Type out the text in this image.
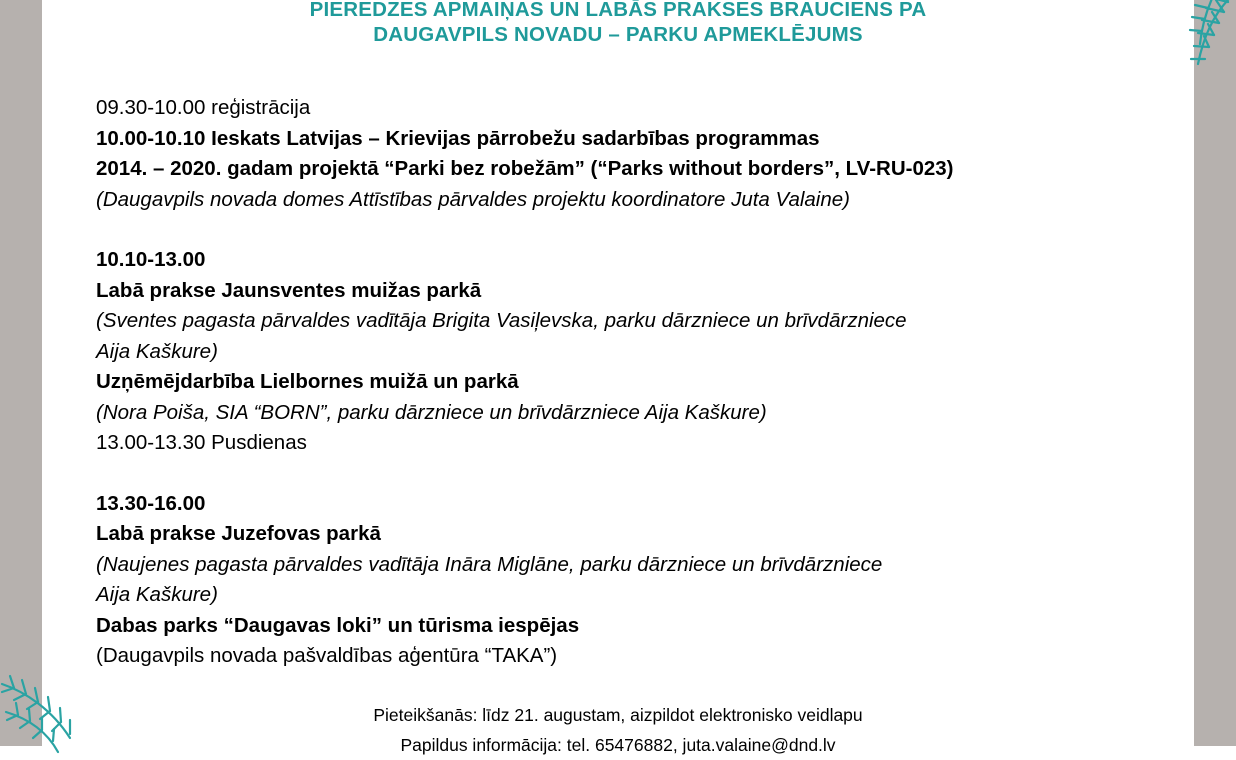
PIEREDZES APMAIŅAS UN LABĀS PRAKSES BRAUCIENS PA
DAUGAVPILS NOVADU – PARKU APMEKLĒJUMS
09.30-10.00 reģistrācija
10.00-10.10 Ieskats Latvijas – Krievijas pārrobežu sadarbības programmas
2014. – 2020. gadam projektā “Parki bez robežām” (“Parks without borders”, LV-RU-023)
(Daugavpils novada domes Attīstības pārvaldes projektu koordinatore Juta Valaine)
10.10-13.00
Labā prakse Jaunsventes muižas parkā
(Sventes pagasta pārvaldes vadītāja Brigita Vasiļevska, parku dārzniece un brīvdārzniece
Aija Kaškure)
Uzņēmējdarbība Lielbornes muižā un parkā
(Nora Poiša, SIA “BORN”, parku dārzniece un brīvdārzniece Aija Kaškure)
13.00-13.30 Pusdienas
13.30-16.00
Labā prakse Juzefovas parkā
(Naujenes pagasta pārvaldes vadītāja Ināra Miglāne, parku dārzniece un brīvdārzniece
Aija Kaškure)
Dabas parks “Daugavas loki” un tūrisma iespējas
(Daugavpils novada pašvaldības aģentūra “TAKA”)
Pieteikšanās: līdz 21. augustam, aizpildot elektronisko veidlapu
Papildus informācija: tel. 65476882, juta.valaine@dnd.lv
